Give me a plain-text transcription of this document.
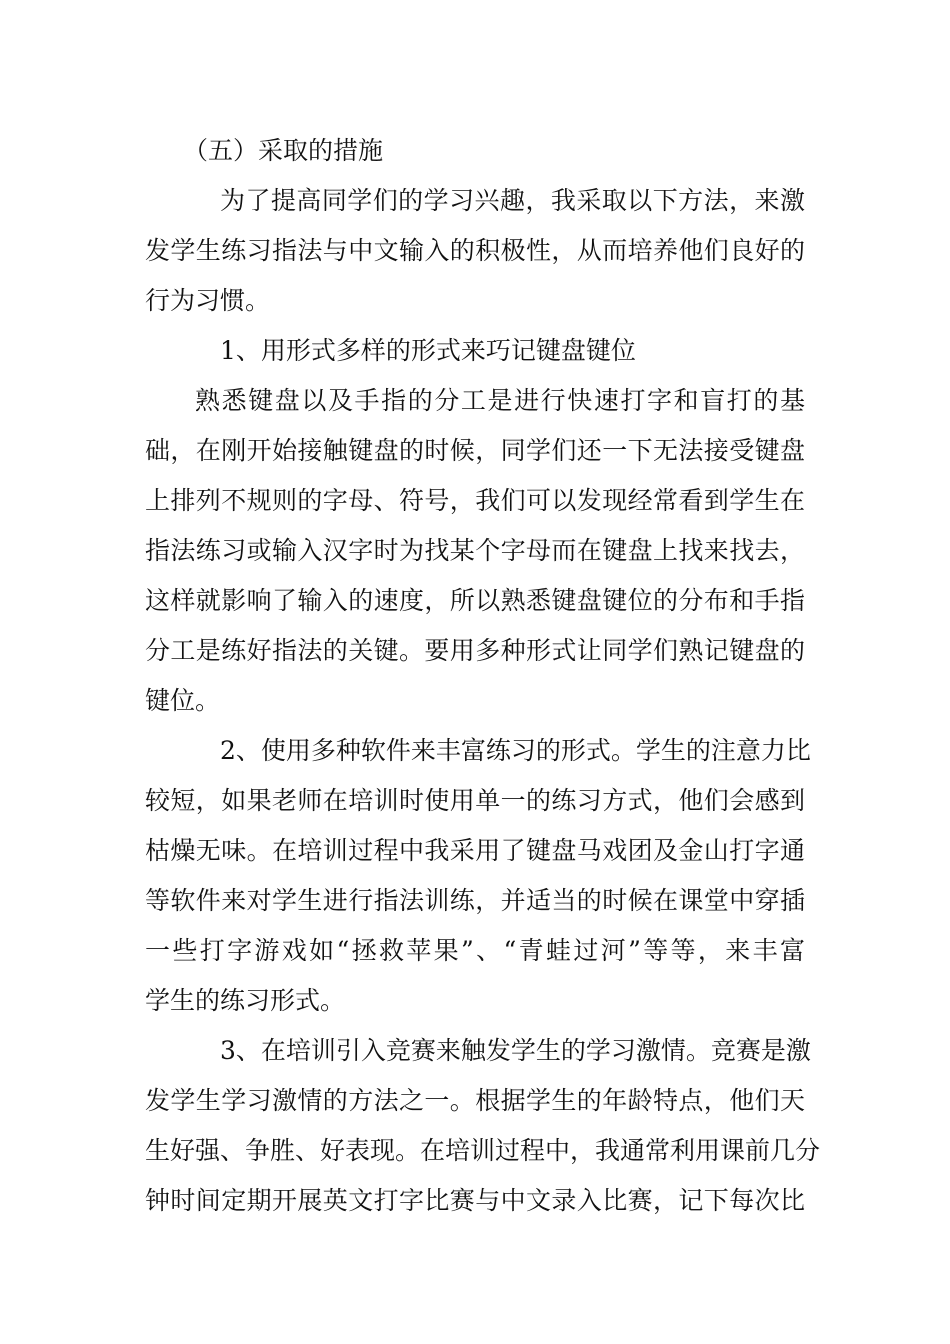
（五）采取的措施
为了提高同学们的学习兴趣，我采取以下方法，来激
发学生练习指法与中文输入的积极性，从而培养他们良好的
行为习惯。
1、用形式多样的形式来巧记键盘键位
熟悉键盘以及手指的分工是进行快速打字和盲打的基
础，在刚开始接触键盘的时候，同学们还一下无法接受键盘
上排列不规则的字母、符号，我们可以发现经常看到学生在
指法练习或输入汉字时为找某个字母而在键盘上找来找去，
这样就影响了输入的速度，所以熟悉键盘键位的分布和手指
分工是练好指法的关键。要用多种形式让同学们熟记键盘的
键位。
2、使用多种软件来丰富练习的形式。学生的注意力比
较短，如果老师在培训时使用单一的练习方式，他们会感到
枯燥无味。在培训过程中我采用了键盘马戏团及金山打字通
等软件来对学生进行指法训练，并适当的时候在课堂中穿插
一些打字游戏如“拯救苹果”、“青蛙过河”等等，来丰富
学生的练习形式。
3、在培训引入竞赛来触发学生的学习激情。竞赛是激
发学生学习激情的方法之一。根据学生的年龄特点，他们天
生好强、争胜、好表现。在培训过程中，我通常利用课前几分
钟时间定期开展英文打字比赛与中文录入比赛，记下每次比
